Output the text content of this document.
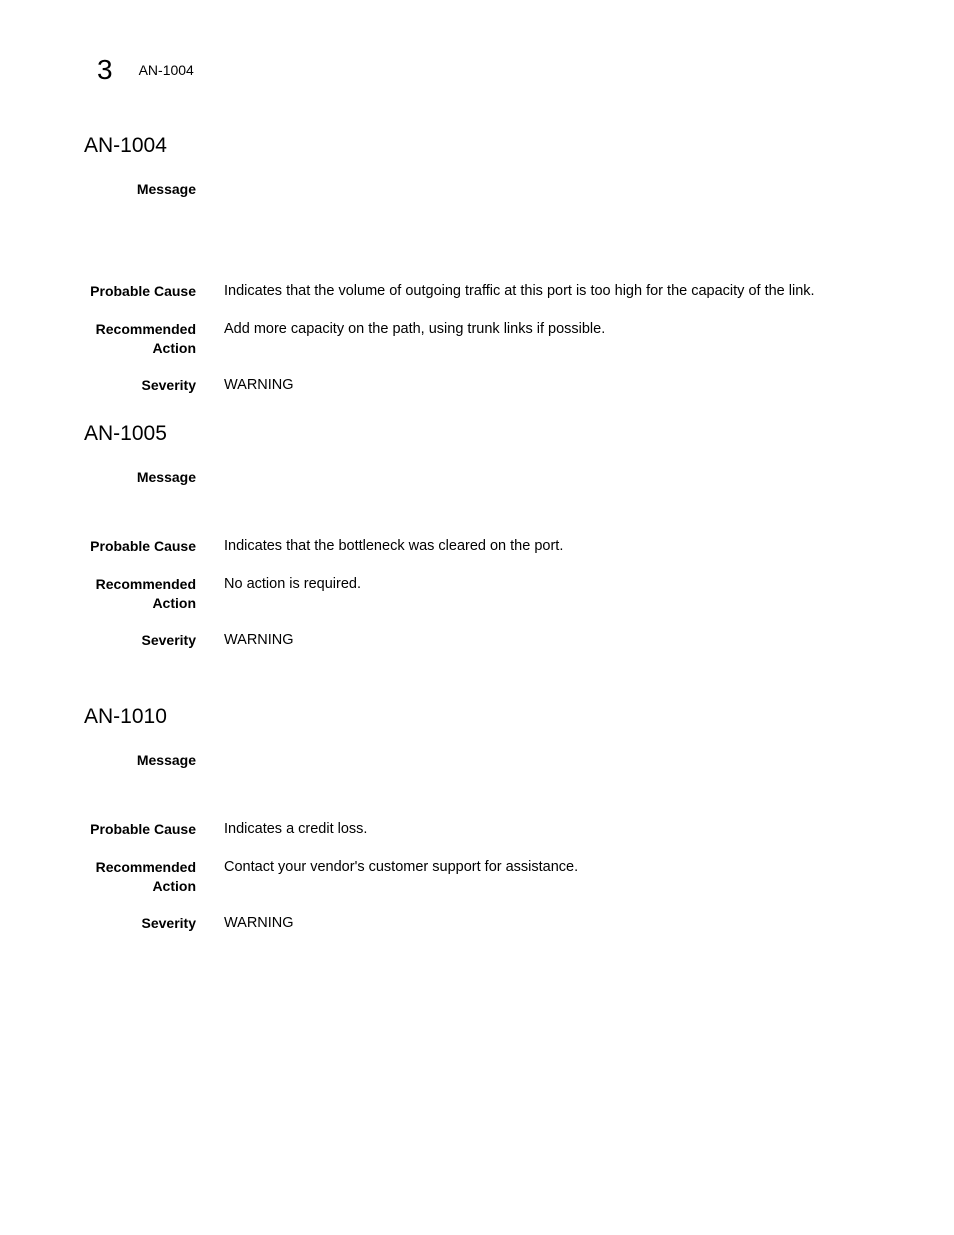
3 AN-1004
AN-1004
Message
Probable Cause Indicates that the volume of outgoing traffic at this port is too high for the capacity of the link.
Recommended
Action
Add more capacity on the path, using trunk links if possible.
Severity WARNING
AN-1005
Message
Probable Cause Indicates that the bottleneck was cleared on the port.
Recommended
Action
No action is required.
Severity WARNING
AN-1010
Message
Probable Cause Indicates a credit loss.
Recommended
Action
Contact your vendor's customer support for assistance.
Severity WARNING
